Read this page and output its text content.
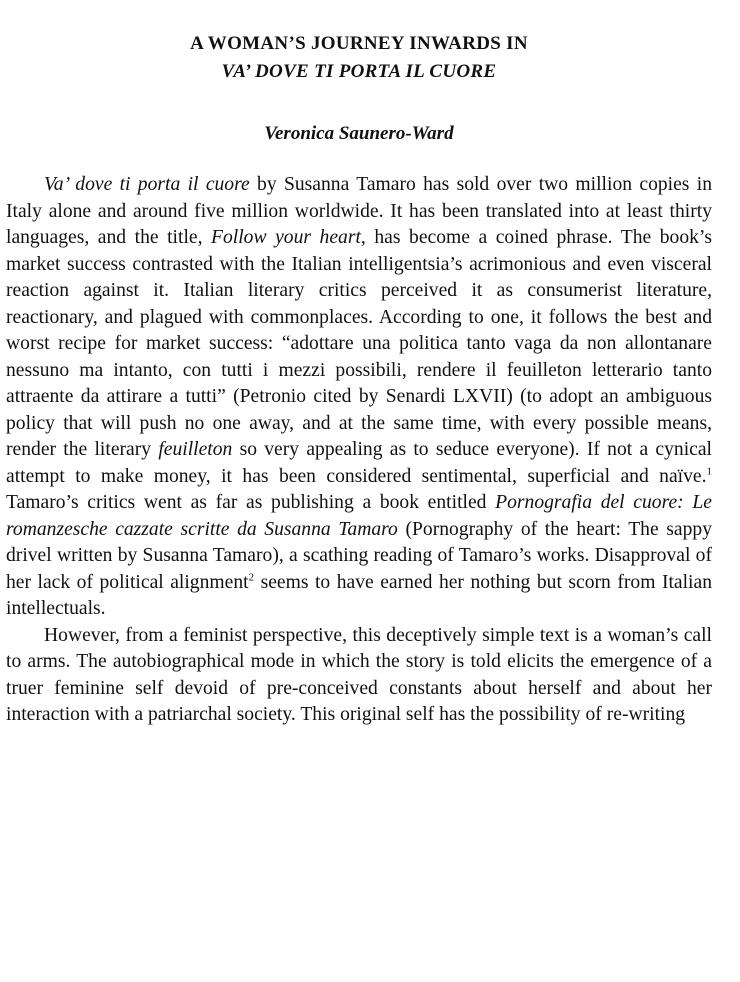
A WOMAN’S JOURNEY INWARDS IN
VA’ DOVE TI PORTA IL CUORE
Veronica Saunero-Ward

Va’ dove ti porta il cuore by Susanna Tamaro has sold over two million copies in Italy alone and around five million worldwide. It has been translated into at least thirty languages, and the title, Follow your heart, has become a coined phrase. The book’s market success contrasted with the Italian intelligentsia’s acrimonious and even visceral reaction against it. Italian literary critics perceived it as consumerist literature, reactionary, and plagued with commonplaces. According to one, it follows the best and worst recipe for market success: “adottare una politica tanto vaga da non allontanare nessuno ma intanto, con tutti i mezzi possibili, rendere il feuilleton letterario tanto attraente da attirare a tutti” (Petronio cited by Senardi LXVII) (to adopt an ambiguous policy that will push no one away, and at the same time, with every possible means, render the literary feuilleton so very appealing as to seduce everyone). If not a cynical attempt to make money, it has been considered sentimental, superficial and naïve.$^1$ Tamaro’s critics went as far as publishing a book entitled Pornografia del cuore: Le romanzesche cazzate scritte da Susanna Tamaro (Pornography of the heart: The sappy drivel written by Susanna Tamaro), a scathing reading of Tamaro’s works. Disapproval of her lack of political alignment$^2$ seems to have earned her nothing but scorn from Italian intellectuals.

However, from a feminist perspective, this deceptively simple text is a woman’s call to arms. The autobiographical mode in which the story is told elicits the emergence of a truer feminine self devoid of pre-conceived constants about herself and about her interaction with a patriarchal society. This original self has the possibility of re-writing
